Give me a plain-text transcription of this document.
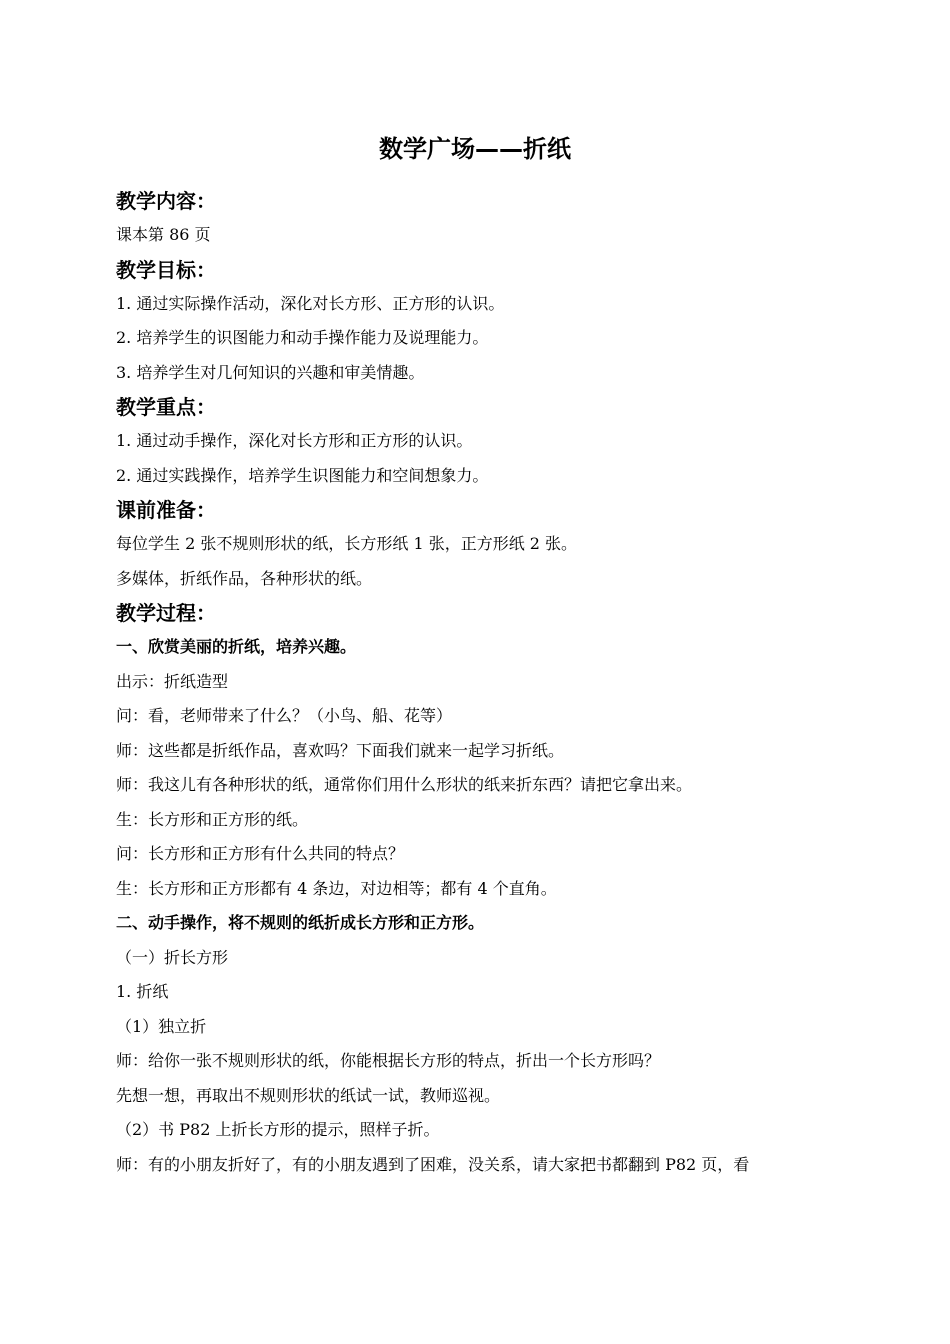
数学广场——折纸
教学内容：
课本第 86 页
教学目标：
1. 通过实际操作活动，深化对长方形、正方形的认识。
2. 培养学生的识图能力和动手操作能力及说理能力。
3. 培养学生对几何知识的兴趣和审美情趣。
教学重点：
1. 通过动手操作，深化对长方形和正方形的认识。
2. 通过实践操作，培养学生识图能力和空间想象力。
课前准备：
每位学生 2 张不规则形状的纸，长方形纸 1 张，正方形纸 2 张。
多媒体，折纸作品，各种形状的纸。
教学过程：
一、欣赏美丽的折纸，培养兴趣。
出示：折纸造型
问：看，老师带来了什么？（小鸟、船、花等）
师：这些都是折纸作品，喜欢吗？下面我们就来一起学习折纸。
师：我这儿有各种形状的纸，通常你们用什么形状的纸来折东西？请把它拿出来。
生：长方形和正方形的纸。
问：长方形和正方形有什么共同的特点？
生：长方形和正方形都有 4 条边，对边相等；都有 4 个直角。
二、动手操作，将不规则的纸折成长方形和正方形。
（一）折长方形
1. 折纸
（1）独立折
师：给你一张不规则形状的纸，你能根据长方形的特点，折出一个长方形吗？
先想一想，再取出不规则形状的纸试一试，教师巡视。
（2）书 P82 上折长方形的提示，照样子折。
师：有的小朋友折好了，有的小朋友遇到了困难，没关系，请大家把书都翻到 P82 页，看
